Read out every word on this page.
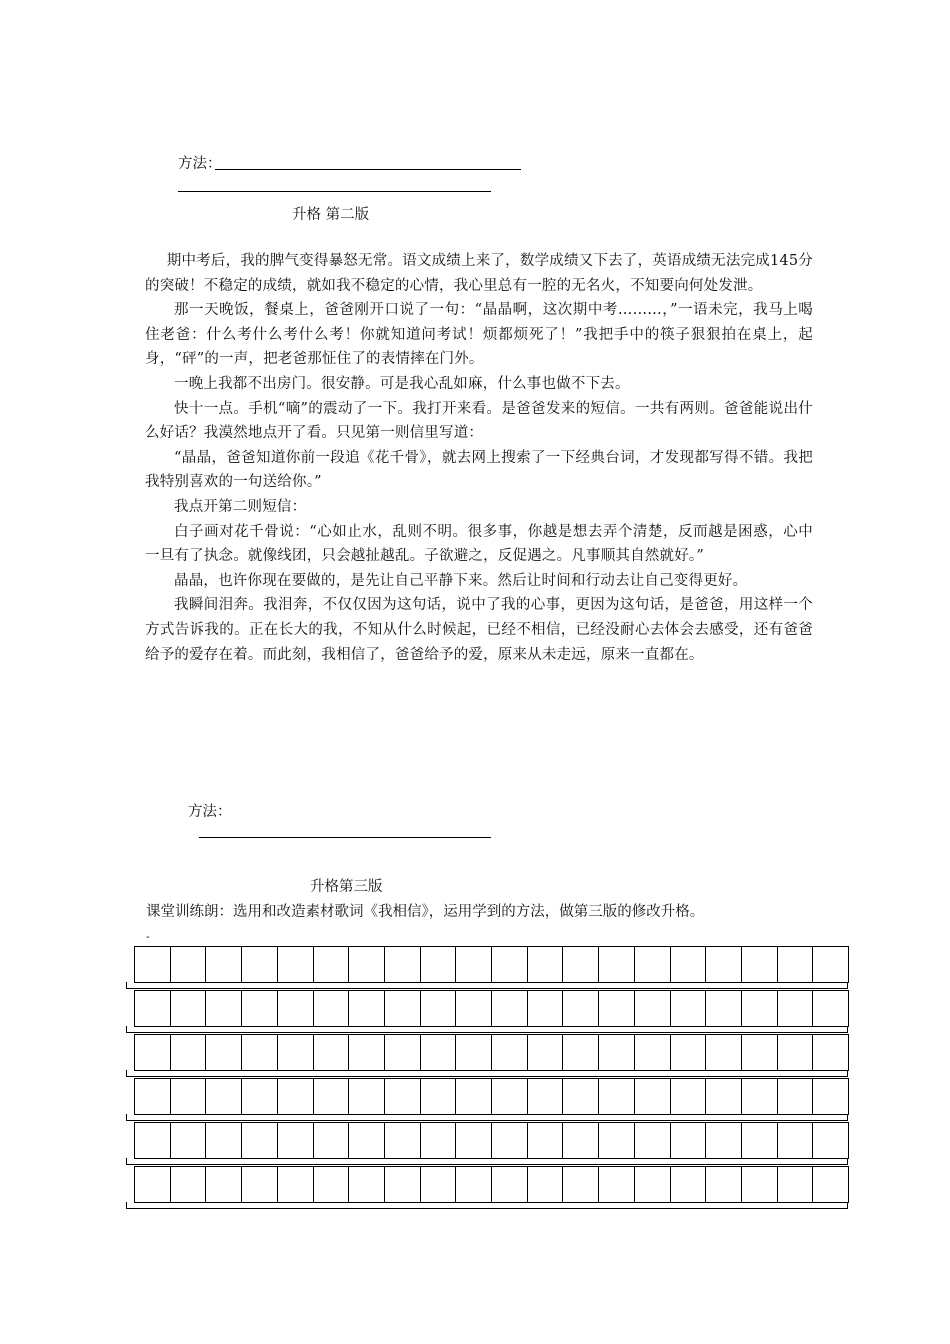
方法：
升格 第二版

期中考后，我的脾气变得暴怒无常。语文成绩上来了，数学成绩又下去了，英语成绩无法完成145分的突破！不稳定的成绩，就如我不稳定的心情，我心里总有一腔的无名火，不知要向何处发泄。

那一天晚饭，餐桌上，爸爸刚开口说了一句：“晶晶啊，这次期中考………，”一语未完，我马上喝住老爸：什么考什么考什么考！你就知道问考试！烦都烦死了！”我把手中的筷子狠狠拍在桌上，起身，“砰”的一声，把老爸那怔住了的表情摔在门外。

一晚上我都不出房门。很安静。可是我心乱如麻，什么事也做不下去。

快十一点。手机“嘀”的震动了一下。我打开来看。是爸爸发来的短信。一共有两则。爸爸能说出什么好话？我漠然地点开了看。只见第一则信里写道：

“晶晶，爸爸知道你前一段追《花千骨》，就去网上搜索了一下经典台词，才发现都写得不错。我把我特别喜欢的一句送给你。”

我点开第二则短信：

白子画对花千骨说：“心如止水，乱则不明。很多事，你越是想去弄个清楚，反而越是困惑，心中一旦有了执念。就像线团，只会越扯越乱。子欲避之，反促遇之。凡事顺其自然就好。”

晶晶，也许你现在要做的，是先让自己平静下来。然后让时间和行动去让自己变得更好。

我瞬间泪奔。我泪奔，不仅仅因为这句话，说中了我的心事，更因为这句话，是爸爸，用这样一个方式告诉我的。正在长大的我，不知从什么时候起，已经不相信，已经没耐心去体会去感受，还有爸爸给予的爱存在着。而此刻，我相信了，爸爸给予的爱，原来从未走远，原来一直都在。

方法：
升格第三版
课堂训练朗：选用和改造素材歌词《我相信》，运用学到的方法，做第三版的修改升格。
-
